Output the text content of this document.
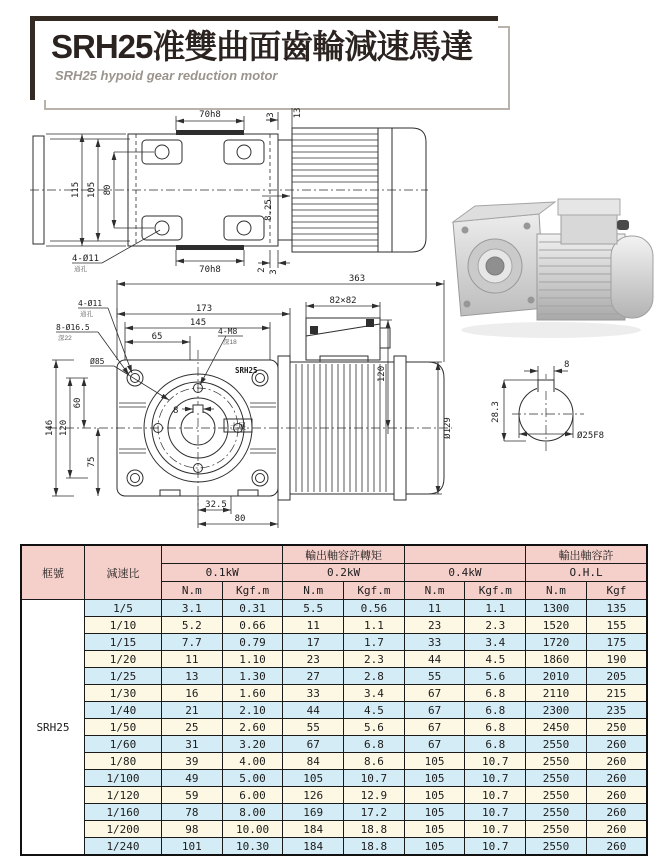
SRH25准雙曲面齒輪減速馬達

SRH25 hypoid gear reduction motor

115 105 80
70h8	3 13
8.25
70h8	2 3
4-Ø11
通孔
SRH25
士展
363
173
145
65
4-Ø11
通孔
8-Ø16.5
深22
Ø85
4-M8
深18
146 120
60
75
8
32.5
80
120
Ø129
82×82
8
28.3
Ø25F8
框號	減速比			輸出軸容許轉矩				輸出軸容許	
		0.1kW		0.2kW		0.4kW		O.H.L	
		N.m	Kgf.m	N.m	Kgf.m	N.m	Kgf.m	N.m	Kgf
SRH25	1/5	3.1	0.31	5.5	0.56	11	1.1	1300	135
	1/10	5.2	0.66	11	1.1	23	2.3	1520	155
	1/15	7.7	0.79	17	1.7	33	3.4	1720	175
	1/20	11	1.10	23	2.3	44	4.5	1860	190
	1/25	13	1.30	27	2.8	55	5.6	2010	205
	1/30	16	1.60	33	3.4	67	6.8	2110	215
	1/40	21	2.10	44	4.5	67	6.8	2300	235
	1/50	25	2.60	55	5.6	67	6.8	2450	250
	1/60	31	3.20	67	6.8	67	6.8	2550	260
	1/80	39	4.00	84	8.6	105	10.7	2550	260
	1/100	49	5.00	105	10.7	105	10.7	2550	260
	1/120	59	6.00	126	12.9	105	10.7	2550	260
	1/160	78	8.00	169	17.2	105	10.7	2550	260
	1/200	98	10.00	184	18.8	105	10.7	2550	260
	1/240	101	10.30	184	18.8	105	10.7	2550	260
